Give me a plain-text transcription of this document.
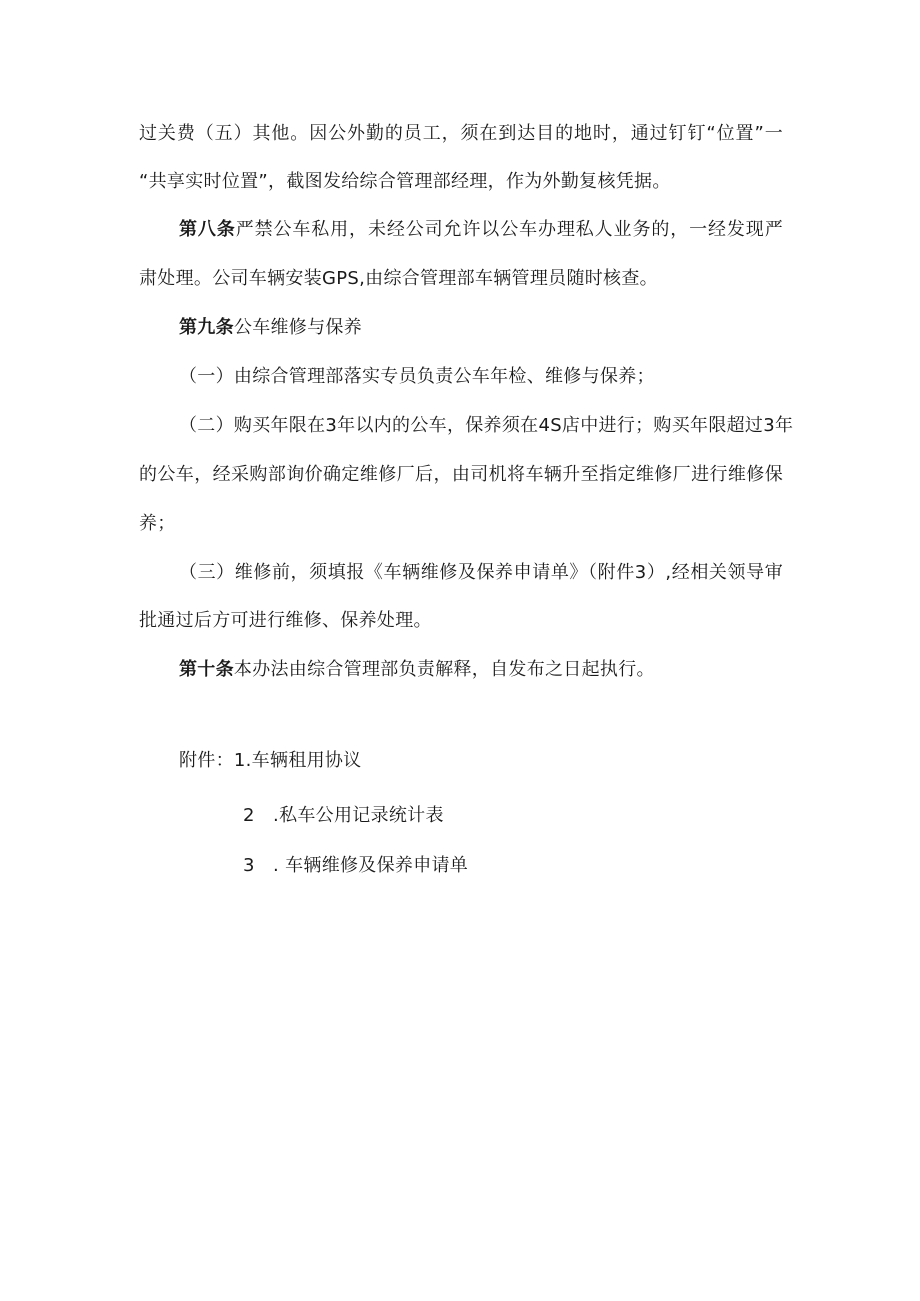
过关费（五）其他。因公外勤的员工，须在到达目的地时，通过钉钉“位置”一
“共享实时位置”，截图发给综合管理部经理，作为外勤复核凭据。
第八条严禁公车私用，未经公司允许以公车办理私人业务的，一经发现严
肃处理。公司车辆安装GPS,由综合管理部车辆管理员随时核查。
第九条公车维修与保养
（一）由综合管理部落实专员负责公车年检、维修与保养；
（二）购买年限在3年以内的公车，保养须在4S店中进行；购买年限超过3年
的公车，经采购部询价确定维修厂后，由司机将车辆升至指定维修厂进行维修保
养；
（三）维修前，须填报《车辆维修及保养申请单》（附件3）,经相关领导审
批通过后方可进行维修、保养处理。
第十条本办法由综合管理部负责解释，自发布之日起执行。
附件：1.车辆租用协议
2　.私车公用记录统计表
3　. 车辆维修及保养申请单
